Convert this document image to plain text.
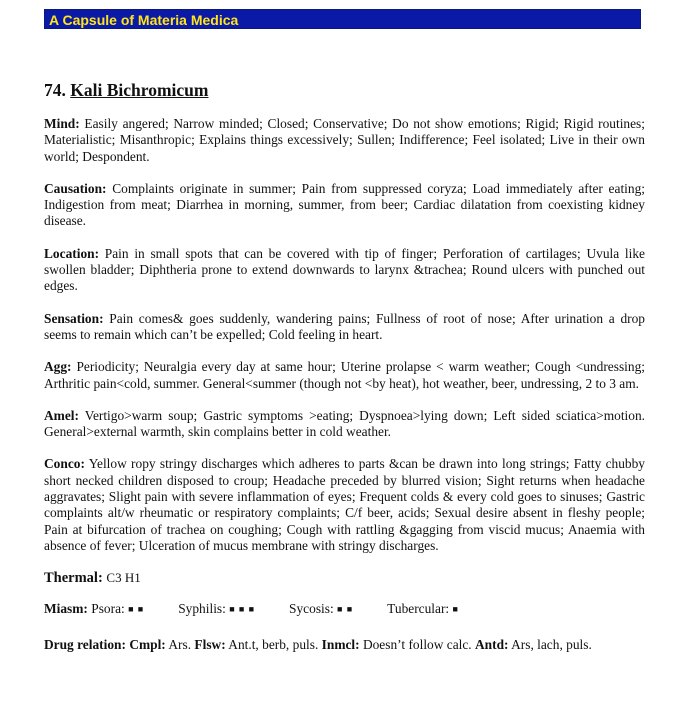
A Capsule of Materia Medica
74. Kali Bichromicum

Mind: Easily angered; Narrow minded; Closed; Conservative; Do not show emotions; Rigid; Rigid routines; Materialistic; Misanthropic; Explains things excessively; Sullen; Indifference; Feel isolated; Live in their own world; Despondent.

Causation: Complaints originate in summer; Pain from suppressed coryza; Load immediately after eating; Indigestion from meat; Diarrhea in morning, summer, from beer; Cardiac dilatation from coexisting kidney disease.

Location: Pain in small spots that can be covered with tip of finger; Perforation of cartilages; Uvula like swollen bladder; Diphtheria prone to extend downwards to larynx &trachea; Round ulcers with punched out edges.

Sensation: Pain comes& goes suddenly, wandering pains; Fullness of root of nose; After urination a drop seems to remain which can’t be expelled; Cold feeling in heart.

Agg: Periodicity; Neuralgia every day at same hour; Uterine prolapse < warm weather; Cough <undressing; Arthritic pain<cold, summer. General<summer (though not <by heat), hot weather, beer, undressing, 2 to 3 am.

Amel: Vertigo>warm soup; Gastric symptoms >eating; Dyspnoea>lying down; Left sided sciatica>motion. General>external warmth, skin complains better in cold weather.

Conco: Yellow ropy stringy discharges which adheres to parts &can be drawn into long strings; Fatty chubby short necked children disposed to croup; Headache preceded by blurred vision; Sight returns when headache aggravates; Slight pain with severe inflammation of eyes; Frequent colds & every cold goes to sinuses; Gastric complaints alt/w rheumatic or respiratory complaints; C/f beer, acids; Sexual desire absent in fleshy people; Pain at bifurcation of trachea on coughing; Cough with rattling &gagging from viscid mucus; Anaemia with absence of fever; Ulceration of mucus membrane with stringy discharges.

Thermal: C3 H1

Miasm: Psora: ■ ■	Syphilis: ■ ■ ■	Sycosis: ■ ■	Tubercular: ■

Drug relation: Cmpl: Ars. Flsw: Ant.t, berb, puls. Inmcl: Doesn’t follow calc. Antd: Ars, lach, puls.
